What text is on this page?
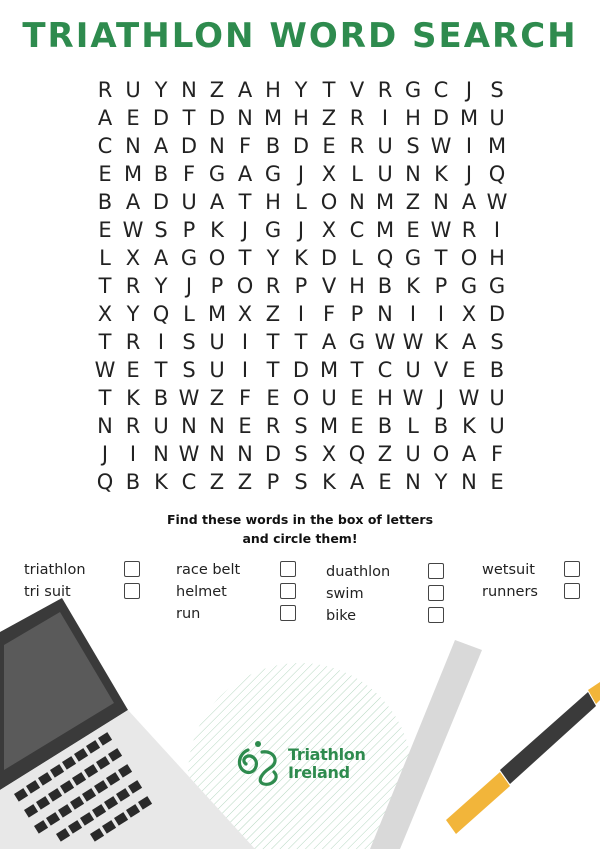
TRIATHLON WORD SEARCH
R U Y N Z A H Y T V R G C J S
A E D T D N M H Z R I H D M U
C N A D N F B D E R U S W I M
E M B F G A G J X L U N K J Q
B A D U A T H L O N M Z N A W
E W S P K J G J X C M E W R I
L X A G O T Y K D L Q G T O H
T R Y J P O R P V H B K P G G
X Y Q L M X Z I F P N I	I X D
T R I S U I T T A G W W K A S
W E T S U I T D M T C U V E B
T K B W Z F E O U E H W J W U
N R U N N E R S M E B L B K U
J	I N W N N D S X Q Z U O A F
Q B K C Z Z P S K A E N Y N E
Find these words in the box of letters
and circle them!
triathlon
tri suit
race belt
helmet
run
duathlon
swim
bike
wetsuit
runners
Triathlon
Ireland
